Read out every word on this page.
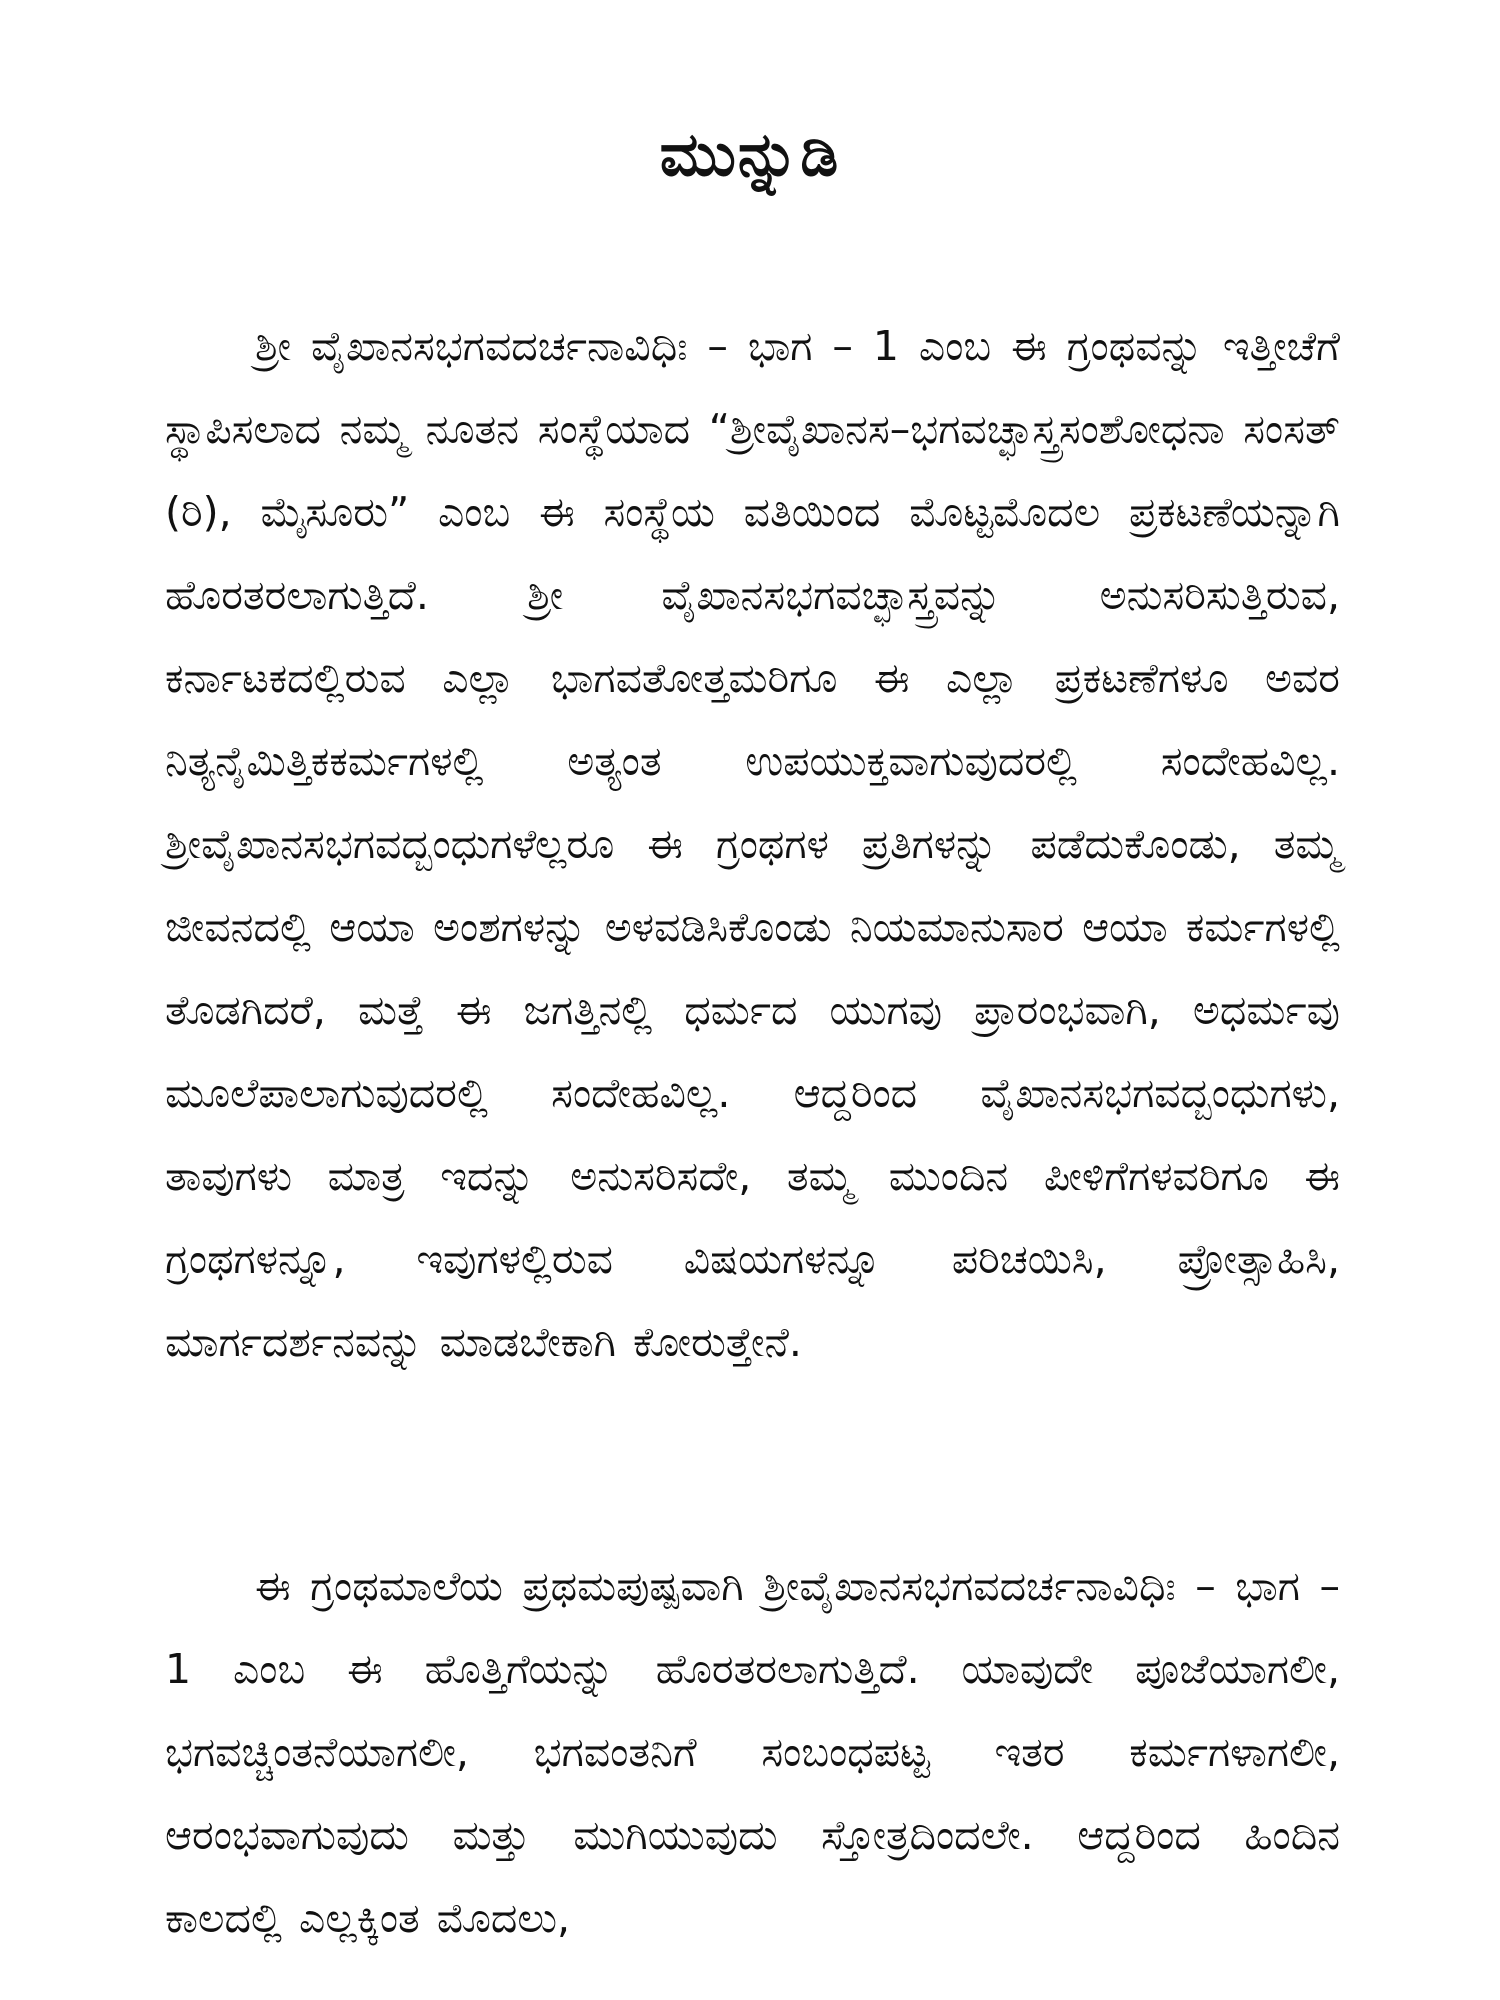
ಮುನ್ನುಡಿ

ಶ್ರೀ ವೈಖಾನಸಭಗವದರ್ಚನಾವಿಧಿಃ – ಭಾಗ – 1 ಎಂಬ ಈ ಗ್ರಂಥವನ್ನು ಇತ್ತೀಚೆಗೆ ಸ್ಥಾಪಿಸಲಾದ ನಮ್ಮ ನೂತನ ಸಂಸ್ಥೆಯಾದ “ಶ್ರೀವೈಖಾನಸ–ಭಗವಚ್ಛಾಸ್ತ್ರಸಂಶೋಧನಾ ಸಂಸತ್ (ರಿ), ಮೈಸೂರು” ಎಂಬ ಈ ಸಂಸ್ಥೆಯ ವತಿಯಿಂದ ಮೊಟ್ಟಮೊದಲ ಪ್ರಕಟಣೆಯನ್ನಾಗಿ ಹೊರತರಲಾಗುತ್ತಿದೆ. ಶ್ರೀ ವೈಖಾನಸಭಗವಚ್ಛಾಸ್ತ್ರವನ್ನು ಅನುಸರಿಸುತ್ತಿರುವ, ಕರ್ನಾಟಕದಲ್ಲಿರುವ ಎಲ್ಲಾ ಭಾಗವತೋತ್ತಮರಿಗೂ ಈ ಎಲ್ಲಾ ಪ್ರಕಟಣೆಗಳೂ ಅವರ ನಿತ್ಯನೈಮಿತ್ತಿಕಕರ್ಮಗಳಲ್ಲಿ ಅತ್ಯಂತ ಉಪಯುಕ್ತವಾಗುವುದರಲ್ಲಿ ಸಂದೇಹವಿಲ್ಲ. ಶ್ರೀವೈಖಾನಸಭಗವದ್ಬಂಧುಗಳೆಲ್ಲರೂ ಈ ಗ್ರಂಥಗಳ ಪ್ರತಿಗಳನ್ನು ಪಡೆದುಕೊಂಡು, ತಮ್ಮ ಜೀವನದಲ್ಲಿ ಆಯಾ ಅಂಶಗಳನ್ನು ಅಳವಡಿಸಿಕೊಂಡು ನಿಯಮಾನುಸಾರ ಆಯಾ ಕರ್ಮಗಳಲ್ಲಿ ತೊಡಗಿದರೆ, ಮತ್ತೆ ಈ ಜಗತ್ತಿನಲ್ಲಿ ಧರ್ಮದ ಯುಗವು ಪ್ರಾರಂಭವಾಗಿ, ಅಧರ್ಮವು ಮೂಲೆಪಾಲಾಗುವುದರಲ್ಲಿ ಸಂದೇಹವಿಲ್ಲ. ಆದ್ದರಿಂದ ವೈಖಾನಸಭಗವದ್ಬಂಧುಗಳು, ತಾವುಗಳು ಮಾತ್ರ ಇದನ್ನು ಅನುಸರಿಸದೇ, ತಮ್ಮ ಮುಂದಿನ ಪೀಳಿಗೆಗಳವರಿಗೂ ಈ ಗ್ರಂಥಗಳನ್ನೂ, ಇವುಗಳಲ್ಲಿರುವ ವಿಷಯಗಳನ್ನೂ ಪರಿಚಯಿಸಿ, ಪ್ರೋತ್ಸಾಹಿಸಿ, ಮಾರ್ಗದರ್ಶನವನ್ನು ಮಾಡಬೇಕಾಗಿ ಕೋರುತ್ತೇನೆ.

ಈ ಗ್ರಂಥಮಾಲೆಯ ಪ್ರಥಮಪುಷ್ಪವಾಗಿ ಶ್ರೀವೈಖಾನಸಭಗವದರ್ಚನಾವಿಧಿಃ – ಭಾಗ – 1 ಎಂಬ ಈ ಹೊತ್ತಿಗೆಯನ್ನು ಹೊರತರಲಾಗುತ್ತಿದೆ. ಯಾವುದೇ ಪೂಜೆಯಾಗಲೀ, ಭಗವಚ್ಚಿಂತನೆಯಾಗಲೀ, ಭಗವಂತನಿಗೆ ಸಂಬಂಧಪಟ್ಟ ಇತರ ಕರ್ಮಗಳಾಗಲೀ, ಆರಂಭವಾಗುವುದು ಮತ್ತು ಮುಗಿಯುವುದು ಸ್ತೋತ್ರದಿಂದಲೇ. ಆದ್ದರಿಂದ ಹಿಂದಿನ ಕಾಲದಲ್ಲಿ ಎಲ್ಲಕ್ಕಿಂತ ಮೊದಲು,
